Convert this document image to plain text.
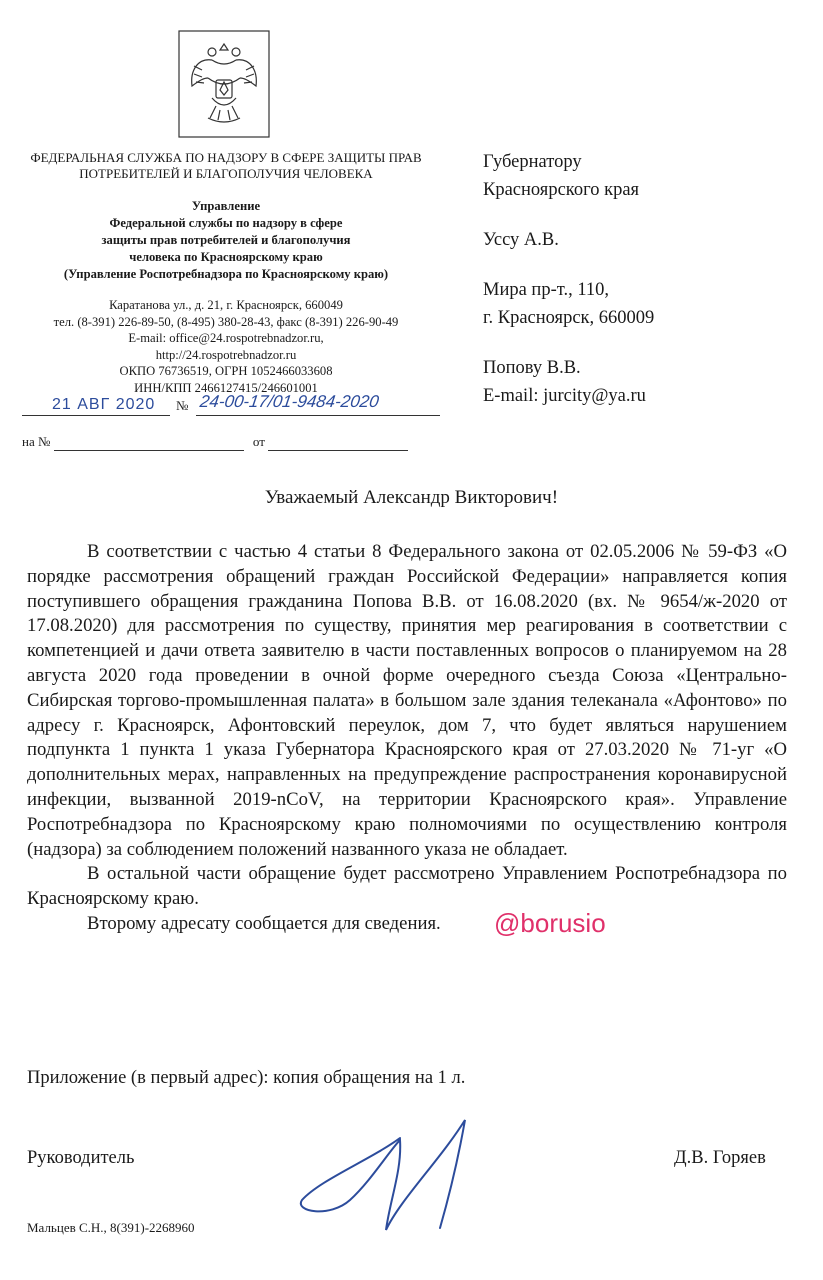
ФЕДЕРАЛЬНАЯ СЛУЖБА ПО НАДЗОРУ В СФЕРЕ ЗАЩИТЫ ПРАВ ПОТРЕБИТЕЛЕЙ И БЛАГОПОЛУЧИЯ ЧЕЛОВЕКА
Управление
Федеральной службы по надзору в сфере
защиты прав потребителей и благополучия
человека по Красноярскому краю
(Управление Роспотребнадзора по Красноярскому краю)
Каратанова ул., д. 21, г. Красноярск, 660049
тел. (8-391) 226-89-50, (8-495) 380-28-43, факс (8-391) 226-90-49
E-mail: office@24.rospotrebnadzor.ru,
http://24.rospotrebnadzor.ru
ОКПО 76736519, ОГРН 1052466033608
ИНН/КПП 2466127415/246601001
21 АВГ 2020 № 24-00-17/01-9484-2020
на №	от
Губернатору
Красноярского края
Уссу А.В.
Мира пр-т., 110,
г. Красноярск, 660009
Попову В.В.
E-mail: jurcity@ya.ru
Уважаемый Александр Викторович!

В соответствии с частью 4 статьи 8 Федерального закона от 02.05.2006 № 59-ФЗ «О порядке рассмотрения обращений граждан Российской Федерации» направляется копия поступившего обращения гражданина Попова В.В. от 16.08.2020 (вх. № 9654/ж-2020 от 17.08.2020) для рассмотрения по существу, принятия мер реагирования в соответствии с компетенцией и дачи ответа заявителю в части поставленных вопросов о планируемом на 28 августа 2020 года проведении в очной форме очередного съезда Союза «Центрально-Сибирская торгово-промышленная палата» в большом зале здания телеканала «Афонтово» по адресу г. Красноярск, Афонтовский переулок, дом 7, что будет являться нарушением подпункта 1 пункта 1 указа Губернатора Красноярского края от 27.03.2020 № 71-уг «О дополнительных мерах, направленных на предупреждение распространения коронавирусной инфекции, вызванной 2019-nCoV, на территории Красноярского края». Управление Роспотребнадзора по Красноярскому краю полномочиями по осуществлению контроля (надзора) за соблюдением положений названного указа не обладает.

В остальной части обращение будет рассмотрено Управлением Роспотребнадзора по Красноярскому краю.

Второму адресату сообщается для сведения.	@borusio
Приложение (в первый адрес): копия обращения на 1 л.
Руководитель	Д.В. Горяев
Мальцев С.Н., 8(391)-2268960
